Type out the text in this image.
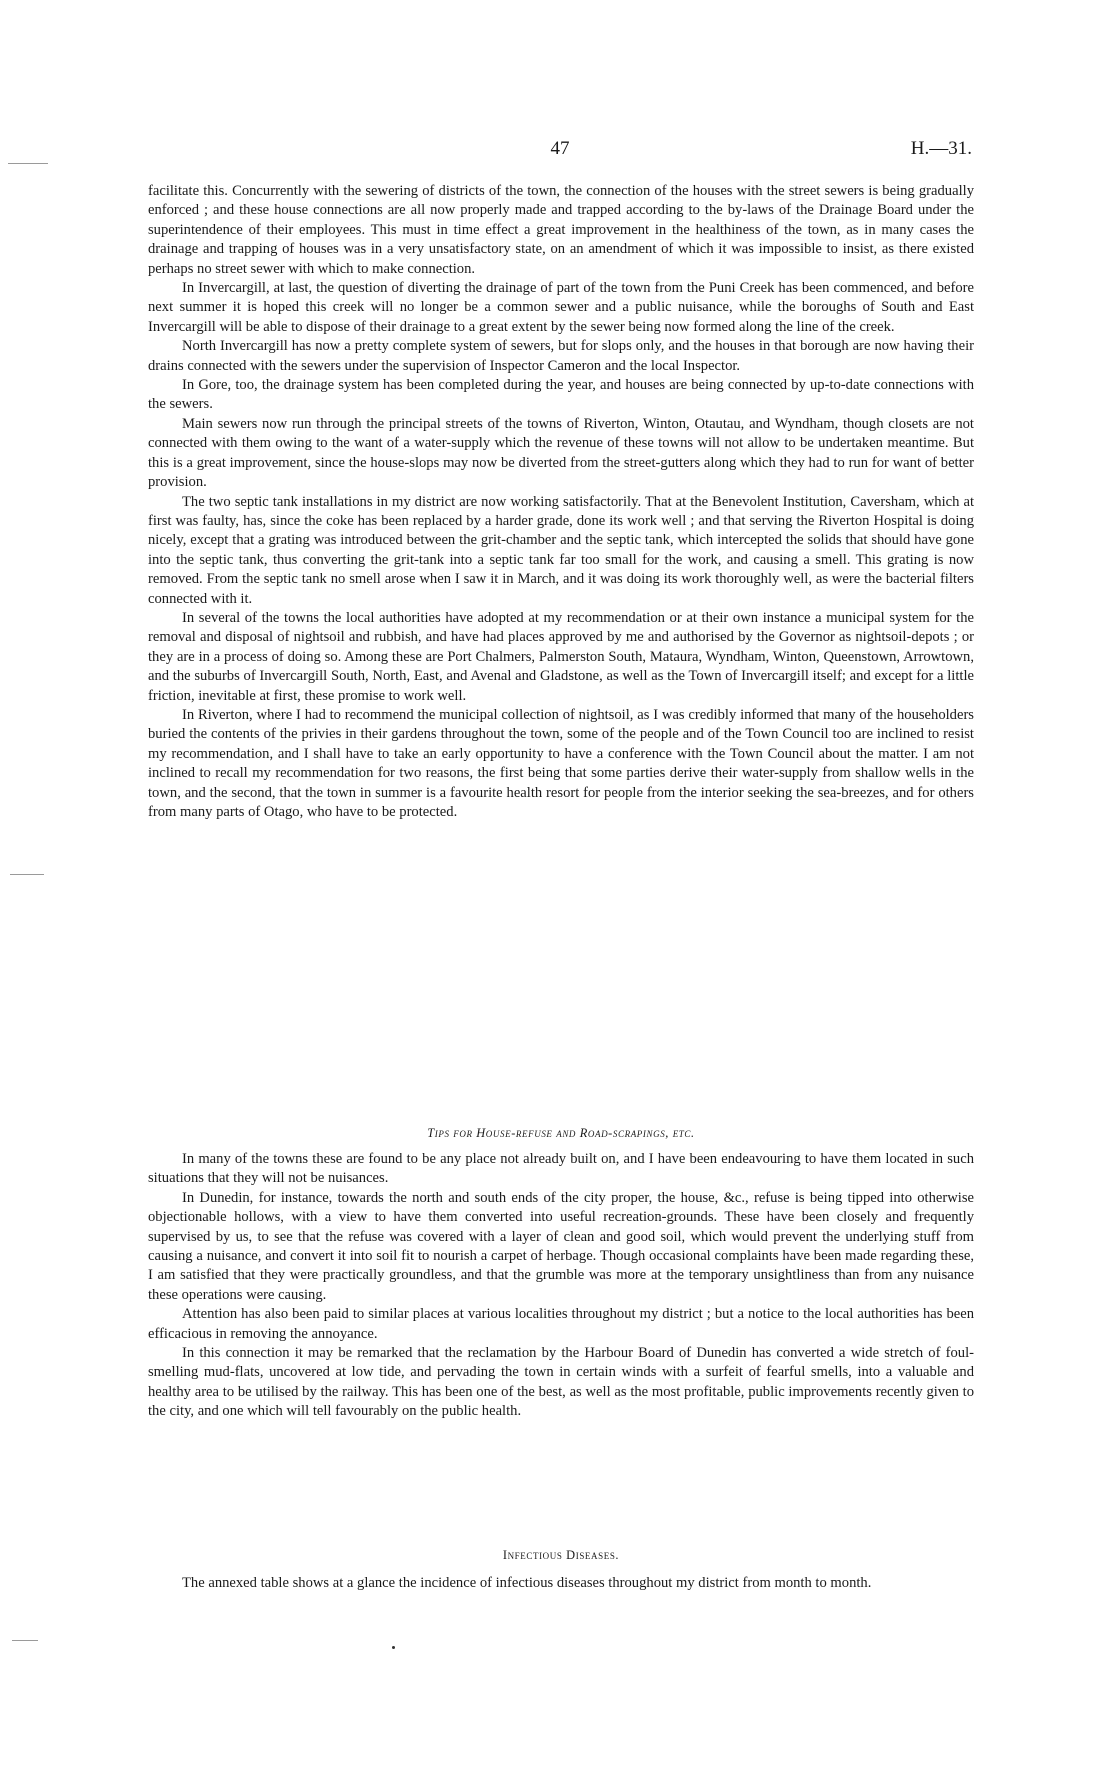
47	H.—31.

facilitate this. Concurrently with the sewering of districts of the town, the connection of the houses with the street sewers is being gradually enforced ; and these house connections are all now properly made and trapped according to the by-laws of the Drainage Board under the superintendence of their employees. This must in time effect a great improvement in the healthiness of the town, as in many cases the drainage and trapping of houses was in a very unsatisfactory state, on an amendment of which it was impossible to insist, as there existed perhaps no street sewer with which to make connection.

In Invercargill, at last, the question of diverting the drainage of part of the town from the Puni Creek has been commenced, and before next summer it is hoped this creek will no longer be a common sewer and a public nuisance, while the boroughs of South and East Invercargill will be able to dispose of their drainage to a great extent by the sewer being now formed along the line of the creek.

North Invercargill has now a pretty complete system of sewers, but for slops only, and the houses in that borough are now having their drains connected with the sewers under the supervision of Inspector Cameron and the local Inspector.

In Gore, too, the drainage system has been completed during the year, and houses are being connected by up-to-date connections with the sewers.

Main sewers now run through the principal streets of the towns of Riverton, Winton, Otautau, and Wyndham, though closets are not connected with them owing to the want of a water-supply which the revenue of these towns will not allow to be undertaken meantime. But this is a great improvement, since the house-slops may now be diverted from the street-gutters along which they had to run for want of better provision.

The two septic tank installations in my district are now working satisfactorily. That at the Benevolent Institution, Caversham, which at first was faulty, has, since the coke has been replaced by a harder grade, done its work well ; and that serving the Riverton Hospital is doing nicely, except that a grating was introduced between the grit-chamber and the septic tank, which intercepted the solids that should have gone into the septic tank, thus converting the grit-tank into a septic tank far too small for the work, and causing a smell. This grating is now removed. From the septic tank no smell arose when I saw it in March, and it was doing its work thoroughly well, as were the bacterial filters connected with it.

In several of the towns the local authorities have adopted at my recommendation or at their own instance a municipal system for the removal and disposal of nightsoil and rubbish, and have had places approved by me and authorised by the Governor as nightsoil-depots ; or they are in a process of doing so. Among these are Port Chalmers, Palmerston South, Mataura, Wyndham, Winton, Queenstown, Arrowtown, and the suburbs of Invercargill South, North, East, and Avenal and Gladstone, as well as the Town of Invercargill itself; and except for a little friction, inevitable at first, these promise to work well.

In Riverton, where I had to recommend the municipal collection of nightsoil, as I was credibly informed that many of the householders buried the contents of the privies in their gardens throughout the town, some of the people and of the Town Council too are inclined to resist my recommendation, and I shall have to take an early opportunity to have a conference with the Town Council about the matter. I am not inclined to recall my recommendation for two reasons, the first being that some parties derive their water-supply from shallow wells in the town, and the second, that the town in summer is a favourite health resort for people from the interior seeking the sea-breezes, and for others from many parts of Otago, who have to be protected.

Tips for House-refuse and Road-scrapings, etc.

In many of the towns these are found to be any place not already built on, and I have been endeavouring to have them located in such situations that they will not be nuisances.

In Dunedin, for instance, towards the north and south ends of the city proper, the house, &c., refuse is being tipped into otherwise objectionable hollows, with a view to have them converted into useful recreation-grounds. These have been closely and frequently supervised by us, to see that the refuse was covered with a layer of clean and good soil, which would prevent the underlying stuff from causing a nuisance, and convert it into soil fit to nourish a carpet of herbage. Though occasional complaints have been made regarding these, I am satisfied that they were practically groundless, and that the grumble was more at the temporary unsightliness than from any nuisance these operations were causing.

Attention has also been paid to similar places at various localities throughout my district ; but a notice to the local authorities has been efficacious in removing the annoyance.

In this connection it may be remarked that the reclamation by the Harbour Board of Dunedin has converted a wide stretch of foul-smelling mud-flats, uncovered at low tide, and pervading the town in certain winds with a surfeit of fearful smells, into a valuable and healthy area to be utilised by the railway. This has been one of the best, as well as the most profitable, public improvements recently given to the city, and one which will tell favourably on the public health.

Infectious Diseases.

The annexed table shows at a glance the incidence of infectious diseases throughout my district from month to month.
